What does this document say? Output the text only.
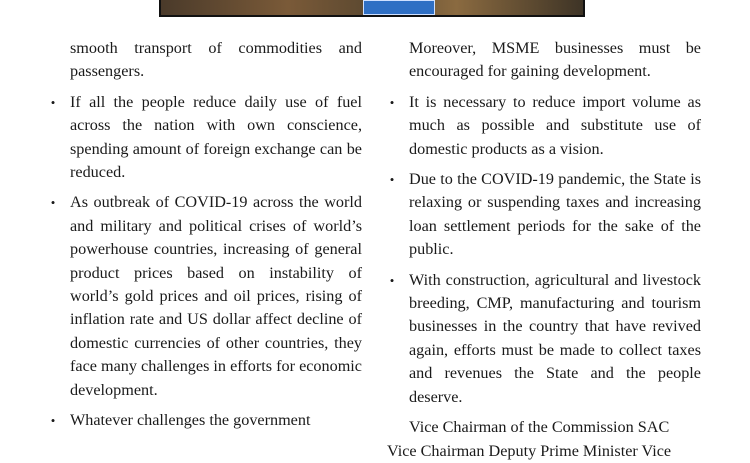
smooth transport of commodities and passengers.

• If all the people reduce daily use of fuel across the nation with own conscience, spending amount of foreign exchange can be reduced.
• As outbreak of COVID-19 across the world and military and political crises of world’s powerhouse countries, increasing of general product prices based on instability of world’s gold prices and oil prices, rising of inflation rate and US dollar affect decline of domestic currencies of other countries, they face many challenges in efforts for economic development.
• Whatever challenges the government

Moreover, MSME businesses must be encouraged for gaining development.

• It is necessary to reduce import volume as much as possible and substitute use of domestic products as a vision.
• Due to the COVID-19 pandemic, the State is relaxing or suspending taxes and increasing loan settlement periods for the sake of the public.
• With construction, agricultural and livestock breeding, CMP, manufacturing and tourism businesses in the country that have revived again, efforts must be made to collect taxes and revenues the State and the people deserve.

Vice Chairman of the Commission SAC

Vice Chairman Deputy Prime Minister Vice
